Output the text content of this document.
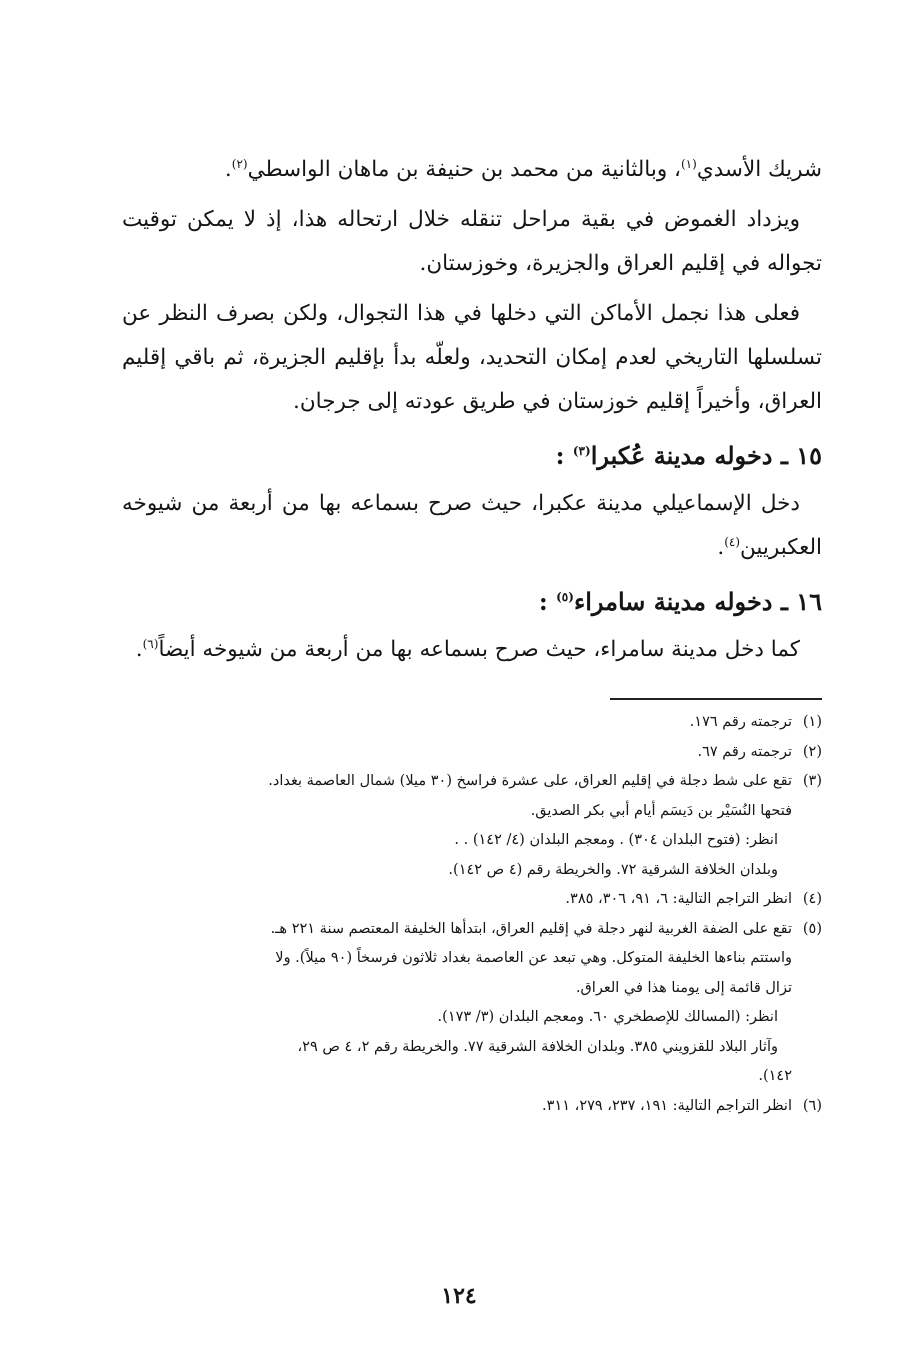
شريك الأسدي$^{(١)}$، وبالثانية من محمد بن حنيفة بن ماهان الواسطي$^{(٢)}$.

ويزداد الغموض في بقية مراحل تنقله خلال ارتحاله هذا، إذ لا يمكن توقيت تجواله في إقليم العراق والجزيرة، وخوزستان.

فعلى هذا نجمل الأماكن التي دخلها في هذا التجوال، ولكن بصرف النظر عن تسلسلها التاريخي لعدم إمكان التحديد، ولعلّه بدأ بإقليم الجزيرة، ثم باقي إقليم العراق، وأخيراً إقليم خوزستان في طريق عودته إلى جرجان.

١٥ ـ دخوله مدينة عُكبرا$^{(٣)}$ :

دخل الإسماعيلي مدينة عكبرا، حيث صرح بسماعه بها من أربعة من شيوخه العكبريين$^{(٤)}$.

١٦ ـ دخوله مدينة سامراء$^{(٥)}$ :

كما دخل مدينة سامراء، حيث صرح بسماعه بها من أربعة من شيوخه أيضاً$^{(٦)}$.

(١)
ترجمته رقم ١٧٦.
(٢)
ترجمته رقم ٦٧.
(٣)
تقع على شط دجلة في إقليم العراق، على عشرة فراسخ (٣٠ ميلا) شمال العاصمة بغداد.
فتحها النُسَيْر بن دَيسَم أيام أبي بكر الصديق.
انظر: (فتوح البلدان ٣٠٤) . ومعجم البلدان (٤/ ١٤٢) . .
وبلدان الخلافة الشرقية ٧٢. والخريطة رقم (٤ ص ١٤٢).
(٤)
انظر التراجم التالية: ٦، ٩١، ٣٠٦، ٣٨٥.
(٥)
تقع على الضفة الغربية لنهر دجلة في إقليم العراق، ابتدأها الخليفة المعتصم سنة ٢٢١ هـ.
واستتم بناءها الخليفة المتوكل. وهي تبعد عن العاصمة بغداد ثلاثون فرسخاً (٩٠ ميلاً). ولا
تزال قائمة إلى يومنا هذا في العراق.
انظر: (المسالك للإصطخري ٦٠. ومعجم البلدان (٣/ ١٧٣).
وآثار البلاد للقزويني ٣٨٥. وبلدان الخلافة الشرقية ٧٧. والخريطة رقم ٢، ٤ ص ٢٩،
١٤٢).
(٦)
انظر التراجم التالية: ١٩١، ٢٣٧، ٢٧٩، ٣١١.
١٢٤
